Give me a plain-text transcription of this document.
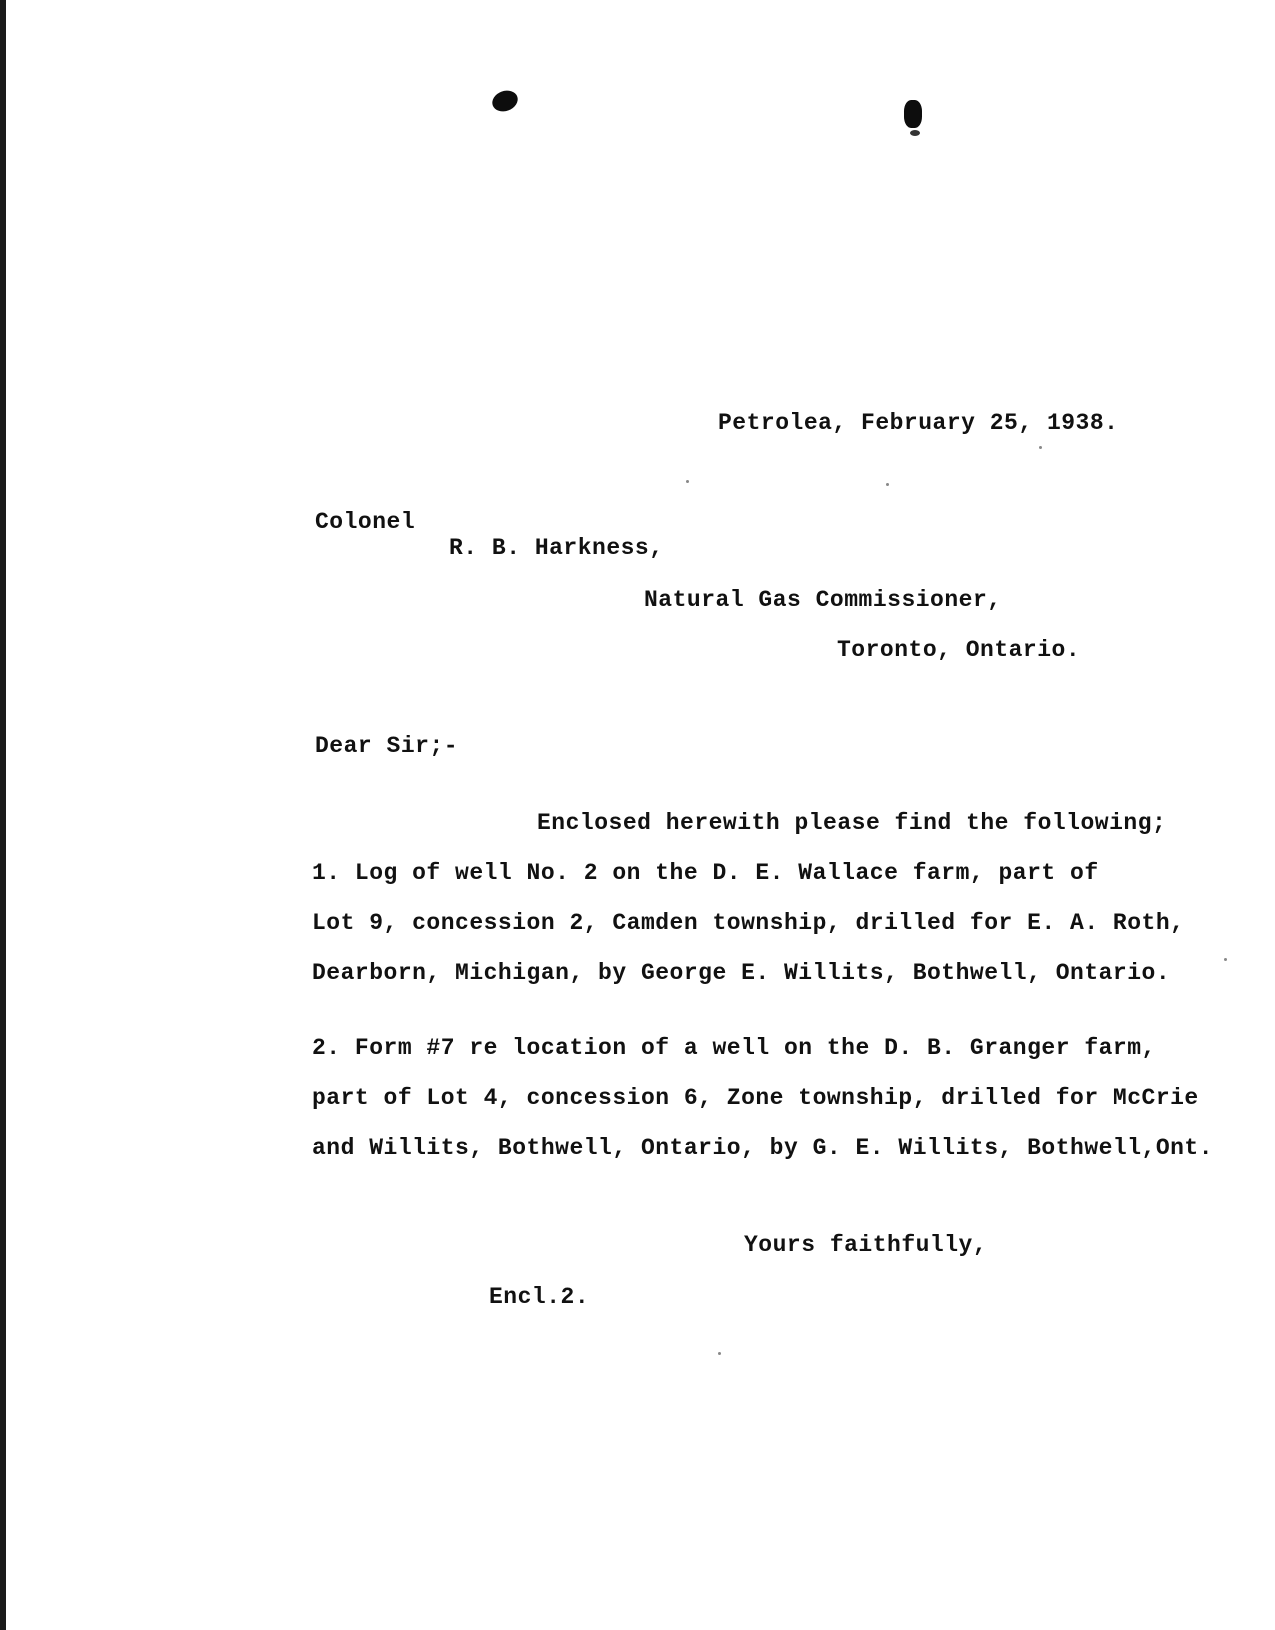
Petrolea, February 25, 1938.
Colonel
R. B. Harkness,
Natural Gas Commissioner,
Toronto, Ontario.
Dear Sir;-
Enclosed herewith please find the following;
1. Log of well No. 2 on the D. E. Wallace farm, part of
Lot 9, concession 2, Camden township, drilled for E. A. Roth,
Dearborn, Michigan, by George E. Willits, Bothwell, Ontario.
2. Form #7 re location of a well on the D. B. Granger farm,
part of Lot 4, concession 6, Zone township, drilled for McCrie
and Willits, Bothwell, Ontario, by G. E. Willits, Bothwell,Ont.
Yours faithfully,
Encl.2.
